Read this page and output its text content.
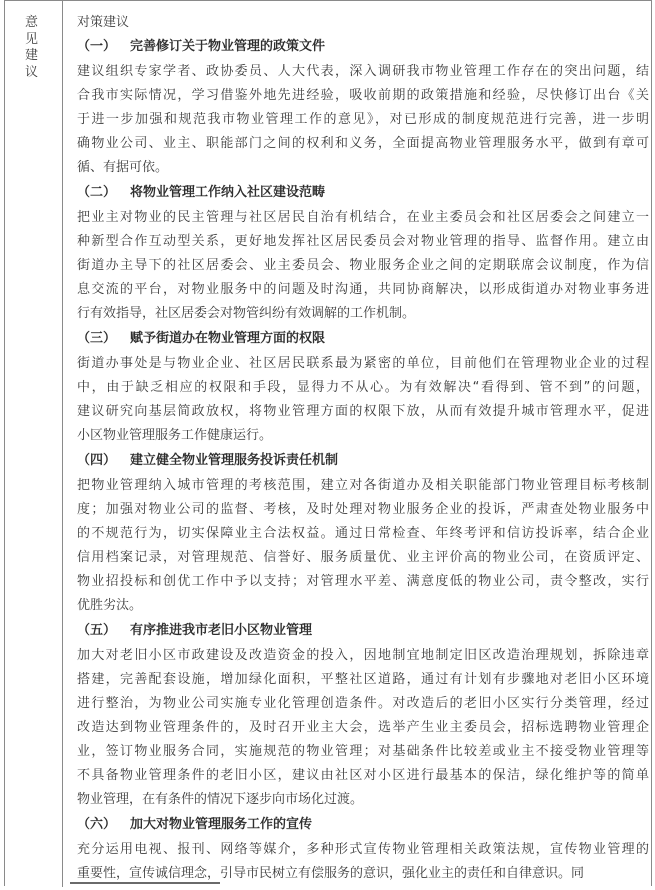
意见建议
对策建议
（一） 完善修订关于物业管理的政策文件
建议组织专家学者、政协委员、人大代表，深入调研我市物业管理工作存在的突出问题，结
合我市实际情况，学习借鉴外地先进经验，吸收前期的政策措施和经验，尽快修订出台《关
于进一步加强和规范我市物业管理工作的意见》，对已形成的制度规范进行完善，进一步明
确物业公司、业主、职能部门之间的权利和义务，全面提高物业管理服务水平，做到有章可
循、有据可依。
（二） 将物业管理工作纳入社区建设范畴
把业主对物业的民主管理与社区居民自治有机结合，在业主委员会和社区居委会之间建立一
种新型合作互动型关系，更好地发挥社区居民委员会对物业管理的指导、监督作用。建立由
街道办主导下的社区居委会、业主委员会、物业服务企业之间的定期联席会议制度，作为信
息交流的平台，对物业服务中的问题及时沟通，共同协商解决，以形成街道办对物业事务进
行有效指导，社区居委会对物管纠纷有效调解的工作机制。
（三） 赋予街道办在物业管理方面的权限
街道办事处是与物业企业、社区居民联系最为紧密的单位，目前他们在管理物业企业的过程
中，由于缺乏相应的权限和手段，显得力不从心。为有效解决“看得到、管不到”的问题，
建议研究向基层简政放权，将物业管理方面的权限下放，从而有效提升城市管理水平，促进
小区物业管理服务工作健康运行。
（四） 建立健全物业管理服务投诉责任机制
把物业管理纳入城市管理的考核范围，建立对各街道办及相关职能部门物业管理目标考核制
度；加强对物业公司的监督、考核，及时处理对物业服务企业的投诉，严肃查处物业服务中
的不规范行为，切实保障业主合法权益。通过日常检查、年终考评和信访投诉率，结合企业
信用档案记录，对管理规范、信誉好、服务质量优、业主评价高的物业公司，在资质评定、
物业招投标和创优工作中予以支持；对管理水平差、满意度低的物业公司，责令整改，实行
优胜劣汰。
（五） 有序推进我市老旧小区物业管理
加大对老旧小区市政建设及改造资金的投入，因地制宜地制定旧区改造治理规划，拆除违章
搭建，完善配套设施，增加绿化面积，平整社区道路，通过有计划有步骤地对老旧小区环境
进行整治，为物业公司实施专业化管理创造条件。对改造后的老旧小区实行分类管理，经过
改造达到物业管理条件的，及时召开业主大会，选举产生业主委员会，招标选聘物业管理企
业，签订物业服务合同，实施规范的物业管理；对基础条件比较差或业主不接受物业管理等
不具备物业管理条件的老旧小区，建议由社区对小区进行最基本的保洁，绿化维护等的简单
物业管理，在有条件的情况下逐步向市场化过渡。
（六） 加大对物业管理服务工作的宣传
充分运用电视、报刊、网络等媒介，多种形式宣传物业管理相关政策法规，宣传物业管理的
重要性，宣传诚信理念，引导市民树立有偿服务的意识，强化业主的责任和自律意识。同
